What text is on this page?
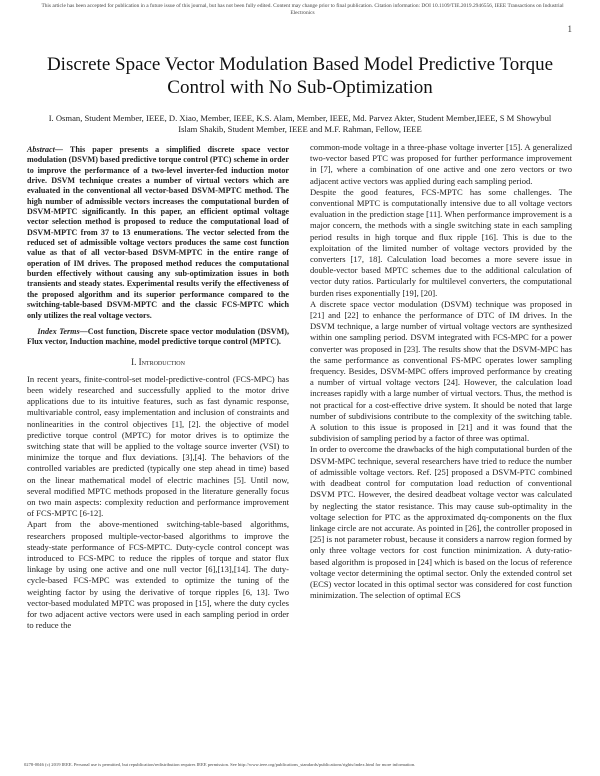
This article has been accepted for publication in a future issue of this journal, but has not been fully edited. Content may change prior to final publication. Citation information: DOI 10.1109/TIE.2019.2946556, IEEE Transactions on Industrial Electronics
1
Discrete Space Vector Modulation Based Model Predictive Torque Control with No Sub-Optimization
I. Osman, Student Member, IEEE, D. Xiao, Member, IEEE, K.S. Alam, Member, IEEE, Md. Parvez Akter, Student Member,IEEE, S M Showybul Islam Shakib, Student Member, IEEE and M.F. Rahman, Fellow, IEEE

Abstract— This paper presents a simplified discrete space vector modulation (DSVM) based predictive torque control (PTC) scheme in order to improve the performance of a two-level inverter-fed induction motor drive. DSVM technique creates a number of virtual vectors which are evaluated in the conventional all vector-based DSVM-MPTC method. The high number of admissible vectors increases the computational burden of DSVM-MPTC significantly. In this paper, an efficient optimal voltage vector selection method is proposed to reduce the computational load of DSVM-MPTC from 37 to 13 enumerations. The vector selected from the reduced set of admissible voltage vectors produces the same cost function value as that of all vector-based DSVM-MPTC in the entire range of operation of IM drives. The proposed method reduces the computational burden effectively without causing any sub-optimization issues in both transients and steady states. Experimental results verify the effectiveness of the proposed algorithm and its superior performance compared to the switching-table-based DSVM-MPTC and the classic FCS-MPTC which only utilizes the real voltage vectors.

Index Terms—Cost function, Discrete space vector modulation (DSVM), Flux vector, Induction machine, model predictive torque control (MPTC).

I. Introduction

In recent years, finite-control-set model-predictive-control (FCS-MPC) has been widely researched and successfully applied to the motor drive applications due to its intuitive features, such as fast dynamic response, multivariable control, easy implementation and inclusion of constraints and nonlinearities in the control objectives [1], [2]. the objective of model predictive torque control (MPTC) for motor drives is to optimize the switching state that will be applied to the voltage source inverter (VSI) to minimize the torque and flux deviations. [3],[4]. The behaviors of the controlled variables are predicted (typically one step ahead in time) based on the linear mathematical model of electric machines [5]. Until now, several modified MPTC methods proposed in the literature generally focus on two main aspects: complexity reduction and performance improvement of FCS-MPTC [6-12].

Apart from the above-mentioned switching-table-based algorithms, researchers proposed multiple-vector-based algorithms to improve the steady-state performance of FCS-MPTC. Duty-cycle control concept was introduced to FCS-MPC to reduce the ripples of torque and stator flux linkage by using one active and one null vector [6],[13],[14]. The duty-cycle-based FCS-MPC was extended to optimize the tuning of the weighting factor by using the derivative of torque ripples [6, 13]. Two vector-based modulated MPTC was proposed in [15], where the duty cycles for two adjacent active vectors were used in each sampling period in order to reduce the

common-mode voltage in a three-phase voltage inverter [15]. A generalized two-vector based PTC was proposed for further performance improvement in [7], where a combination of one active and one zero vectors or two adjacent active vectors was applied during each sampling period.

Despite the good features, FCS-MPTC has some challenges. The conventional MPTC is computationally intensive due to all voltage vectors evaluation in the prediction stage [11]. When performance improvement is a major concern, the methods with a single switching state in each sampling period results in high torque and flux ripple [16]. This is due to the exploitation of the limited number of voltage vectors provided by the converters [17, 18]. Calculation load becomes a more severe issue in double-vector based MPTC schemes due to the additional calculation of vector duty ratios. Particularly for multilevel converters, the computational burden rises exponentially [19], [20].

A discrete space vector modulation (DSVM) technique was proposed in [21] and [22] to enhance the performance of DTC of IM drives. In the DSVM technique, a large number of virtual voltage vectors are synthesized within one sampling period. DSVM integrated with FCS-MPC for a power converter was proposed in [23]. The results show that the DSVM-MPC has the same performance as conventional FS-MPC operates lower sampling frequency. Besides, DSVM-MPC offers improved performance by creating a number of virtual voltage vectors [24]. However, the calculation load increases rapidly with a large number of virtual vectors. Thus, the method is not practical for a cost-effective drive system. It should be noted that large number of subdivisions contribute to the complexity of the switching table. A solution to this issue is proposed in [21] and it was found that the subdivision of sampling period by a factor of three was optimal.

In order to overcome the drawbacks of the high computational burden of the DSVM-MPC technique, several researchers have tried to reduce the number of admissible voltage vectors. Ref. [25] proposed a DSVM-PTC combined with deadbeat control for computation load reduction of conventional DSVM PTC. However, the desired deadbeat voltage vector was calculated by neglecting the stator resistance. This may cause sub-optimality in the voltage selection for PTC as the approximated dq-components on the flux linkage circle are not accurate. As pointed in [26], the controller proposed in [25] is not parameter robust, because it considers a narrow region formed by only three voltage vectors for cost function minimization. A duty-ratio-based algorithm is proposed in [24] which is based on the locus of reference voltage vector determining the optimal sector. Only the extended control set (ECS) vector located in this optimal sector was considered for cost function minimization. The selection of optimal ECS

0278-0046 (c) 2019 IEEE. Personal use is permitted, but republication/redistribution requires IEEE permission. See http://www.ieee.org/publications_standards/publications/rights/index.html for more information.
